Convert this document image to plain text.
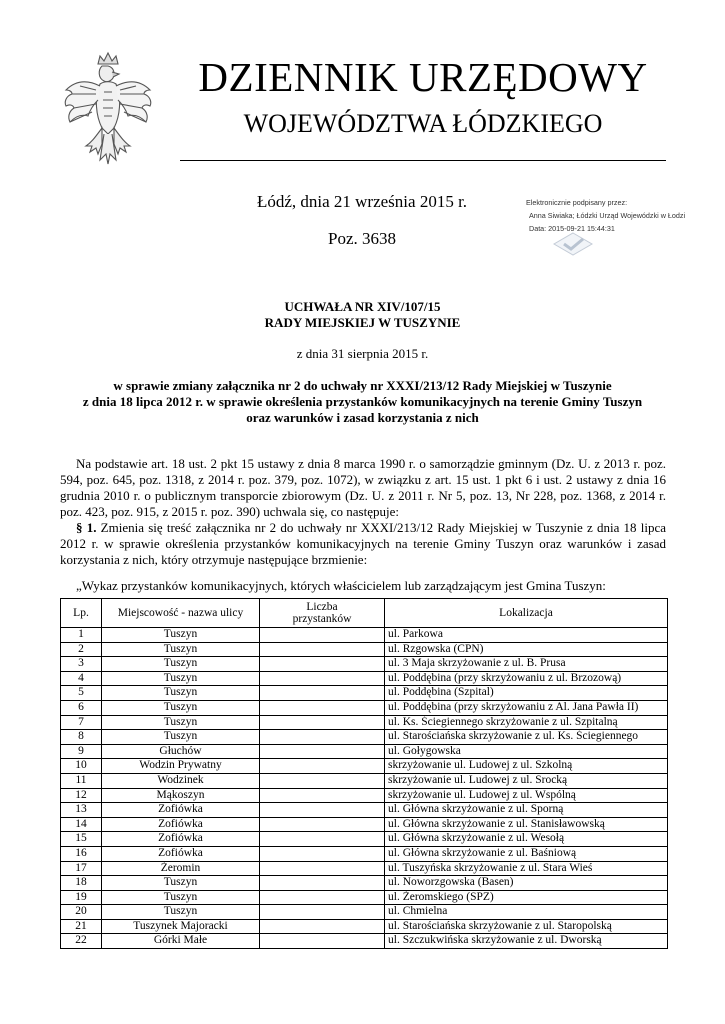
DZIENNIK URZĘDOWY
WOJEWÓDZTWA ŁÓDZKIEGO
Łódź, dnia 21 września 2015 r.
Poz. 3638
Elektronicznie podpisany przez:
Anna Siwiaka; Łódzki Urząd Wojewódzki w Łodzi
Data: 2015-09-21 15:44:31
UCHWAŁA NR XIV/107/15
RADY MIEJSKIEJ W TUSZYNIE
z dnia 31 sierpnia 2015 r.
w sprawie zmiany załącznika nr 2 do uchwały nr XXXI/213/12 Rady Miejskiej w Tuszynie
z dnia 18 lipca 2012 r. w sprawie określenia przystanków komunikacyjnych na terenie Gminy Tuszyn
oraz warunków i zasad korzystania z nich
Na podstawie art. 18 ust. 2 pkt 15 ustawy z dnia 8 marca 1990 r. o samorządzie gminnym (Dz. U. z 2013 r. poz. 594, poz. 645, poz. 1318, z 2014 r. poz. 379, poz. 1072), w związku z art. 15 ust. 1 pkt 6 i ust. 2 ustawy z dnia 16 grudnia 2010 r. o publicznym transporcie zbiorowym (Dz. U. z 2011 r. Nr 5, poz. 13, Nr 228, poz. 1368, z 2014 r. poz. 423, poz. 915, z 2015 r. poz. 390) uchwala się, co następuje:
§ 1. Zmienia się treść załącznika nr 2 do uchwały nr XXXI/213/12 Rady Miejskiej w Tuszynie z dnia 18 lipca 2012 r. w sprawie określenia przystanków komunikacyjnych na terenie Gminy Tuszyn oraz warunków i zasad korzystania z nich, który otrzymuje następujące brzmienie:
„Wykaz przystanków komunikacyjnych, których właścicielem lub zarządzającym jest Gmina Tuszyn:
Lp.	Miejscowość - nazwa ulicy	Liczba
przystanków	Lokalizacja
1	Tuszyn		ul. Parkowa
2	Tuszyn		ul. Rzgowska (CPN)
3	Tuszyn		ul. 3 Maja skrzyżowanie z ul. B. Prusa
4	Tuszyn		ul. Poddębina (przy skrzyżowaniu z ul. Brzozową)
5	Tuszyn		ul. Poddębina (Szpital)
6	Tuszyn		ul. Poddębina (przy skrzyżowaniu z Al. Jana Pawła II)
7	Tuszyn		ul. Ks. Ściegiennego skrzyżowanie z ul. Szpitalną
8	Tuszyn		ul. Starościańska skrzyżowanie z ul. Ks. Ściegiennego
9	Głuchów		ul. Gołygowska
10	Wodzin Prywatny		skrzyżowanie ul. Ludowej z ul. Szkolną
11	Wodzinek		skrzyżowanie ul. Ludowej z ul. Srocką
12	Mąkoszyn		skrzyżowanie ul. Ludowej z ul. Wspólną
13	Zofiówka		ul. Główna skrzyżowanie z ul. Sporną
14	Zofiówka		ul. Główna skrzyżowanie z ul. Stanisławowską
15	Zofiówka		ul. Główna skrzyżowanie z ul. Wesołą
16	Zofiówka		ul. Główna skrzyżowanie z ul. Baśniową
17	Żeromin		ul. Tuszyńska skrzyżowanie z ul. Stara Wieś
18	Tuszyn		ul. Noworzgowska (Basen)
19	Tuszyn		ul. Żeromskiego (SPZ)
20	Tuszyn		ul. Chmielna
21	Tuszynek Majoracki		ul. Starościańska skrzyżowanie z ul. Staropolską
22	Górki Małe		ul. Szczukwińska skrzyżowanie z ul. Dworską
